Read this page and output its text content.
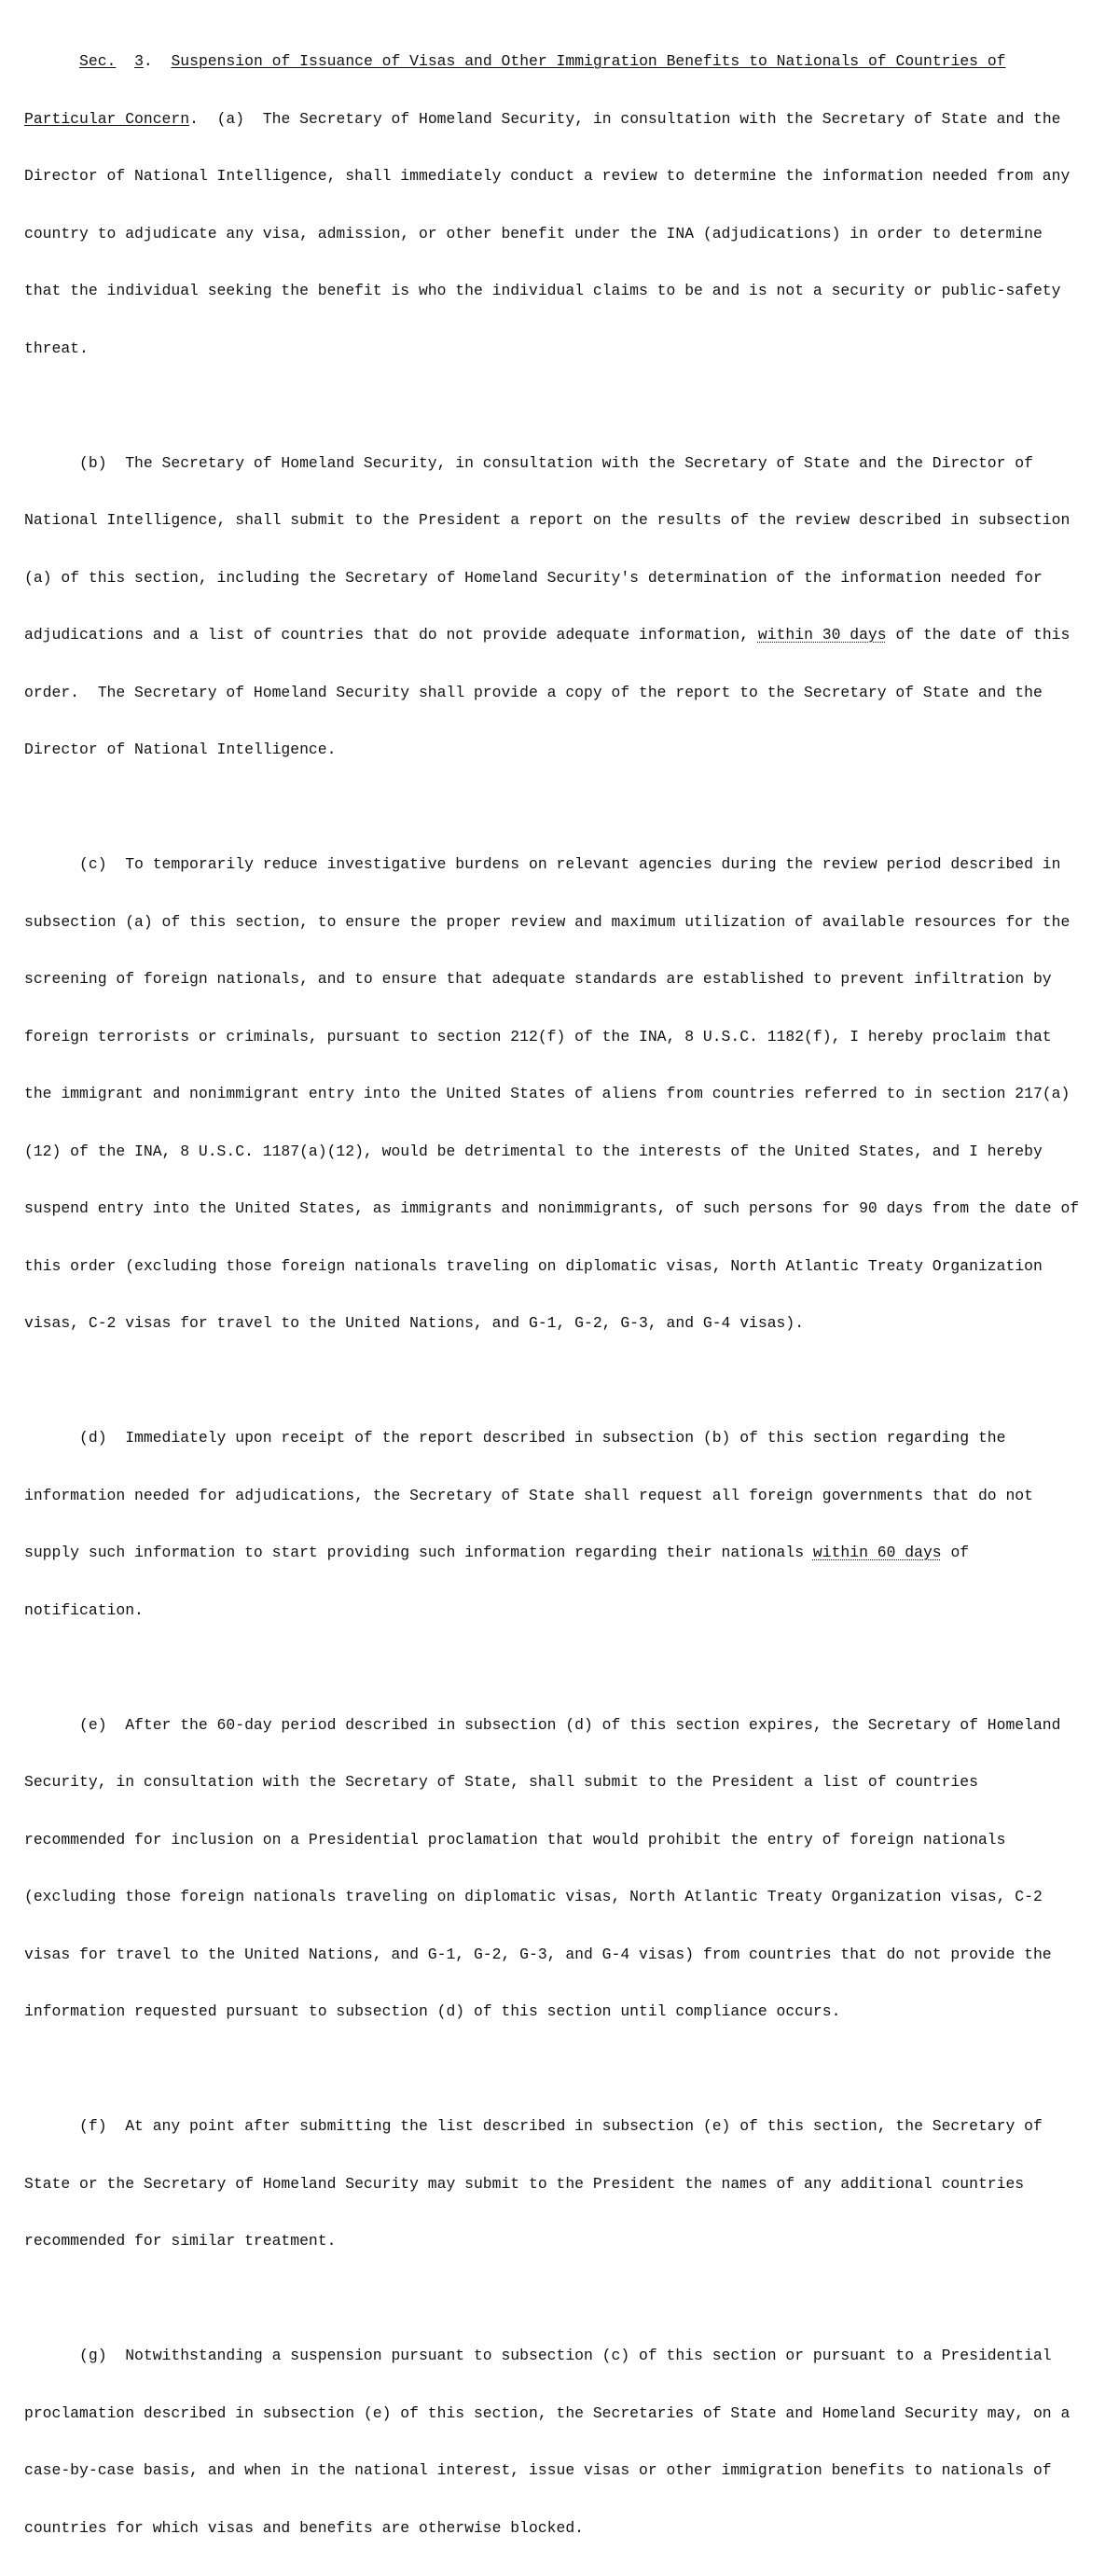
Sec. 3.  Suspension of Issuance of Visas and Other Immigration Benefits to Nationals of Countries of

Particular Concern.  (a) The Secretary of Homeland Security, in consultation with the Secretary of State and the

Director of National Intelligence, shall immediately conduct a review to determine the information needed from any

country to adjudicate any visa, admission, or other benefit under the INA (adjudications) in order to determine

that the individual seeking the benefit is who the individual claims to be and is not a security or public-safety

threat.

(b)  The Secretary of Homeland Security, in consultation with the Secretary of State and the Director of

National Intelligence, shall submit to the President a report on the results of the review described in subsection

(a) of this section, including the Secretary of Homeland Security's determination of the information needed for

adjudications and a list of countries that do not provide adequate information, within 30 days of the date of this

order.  The Secretary of Homeland Security shall provide a copy of the report to the Secretary of State and the

Director of National Intelligence.

(c)  To temporarily reduce investigative burdens on relevant agencies during the review period described in

subsection (a) of this section, to ensure the proper review and maximum utilization of available resources for the

screening of foreign nationals, and to ensure that adequate standards are established to prevent infiltration by

foreign terrorists or criminals, pursuant to section 212(f) of the INA, 8 U.S.C. 1182(f), I hereby proclaim that

the immigrant and nonimmigrant entry into the United States of aliens from countries referred to in section 217(a)

(12) of the INA, 8 U.S.C. 1187(a)(12), would be detrimental to the interests of the United States, and I hereby

suspend entry into the United States, as immigrants and nonimmigrants, of such persons for 90 days from the date of

this order (excluding those foreign nationals traveling on diplomatic visas, North Atlantic Treaty Organization

visas, C-2 visas for travel to the United Nations, and G-1, G-2, G-3, and G-4 visas).

(d)  Immediately upon receipt of the report described in subsection (b) of this section regarding the

information needed for adjudications, the Secretary of State shall request all foreign governments that do not

supply such information to start providing such information regarding their nationals within 60 days of

notification.

(e)  After the 60-day period described in subsection (d) of this section expires, the Secretary of Homeland

Security, in consultation with the Secretary of State, shall submit to the President a list of countries

recommended for inclusion on a Presidential proclamation that would prohibit the entry of foreign nationals

(excluding those foreign nationals traveling on diplomatic visas, North Atlantic Treaty Organization visas, C-2

visas for travel to the United Nations, and G-1, G-2, G-3, and G-4 visas) from countries that do not provide the

information requested pursuant to subsection (d) of this section until compliance occurs.

(f)  At any point after submitting the list described in subsection (e) of this section, the Secretary of

State or the Secretary of Homeland Security may submit to the President the names of any additional countries

recommended for similar treatment.

(g)  Notwithstanding a suspension pursuant to subsection (c) of this section or pursuant to a Presidential

proclamation described in subsection (e) of this section, the Secretaries of State and Homeland Security may, on a

case-by-case basis, and when in the national interest, issue visas or other immigration benefits to nationals of

countries for which visas and benefits are otherwise blocked.
